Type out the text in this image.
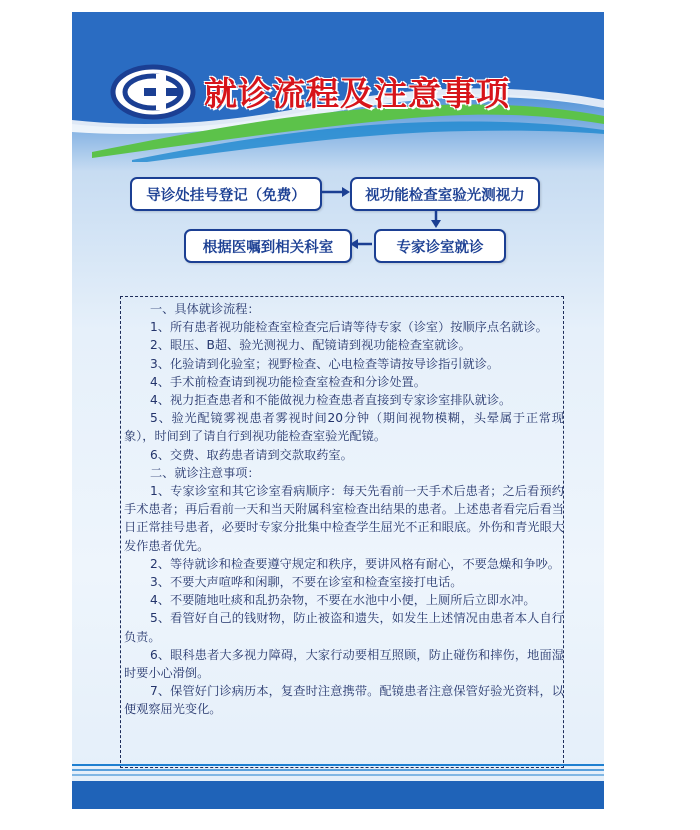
就诊流程及注意事项
导诊处挂号登记（免费）	视功能检查室验光测视力
专家诊室就诊
根据医嘱到相关科室

一、具体就诊流程：

1、所有患者视功能检查室检查完后请等待专家（诊室）按顺序点名就诊。

2、眼压、B超、验光测视力、配镜请到视功能检查室就诊。

3、化验请到化验室；视野检查、心电检查等请按导诊指引就诊。

4、手术前检查请到视功能检查室检查和分诊处置。

4、视力拒查患者和不能做视力检查患者直接到专家诊室排队就诊。

5、验光配镜雾视患者雾视时间20分钟（期间视物模糊，头晕属于正常现象），时间到了请自行到视功能检查室验光配镜。

6、交费、取药患者请到交款取药室。

二、就诊注意事项：

1、专家诊室和其它诊室看病顺序：每天先看前一天手术后患者；之后看预约手术患者；再后看前一天和当天附属科室检查出结果的患者。上述患者看完后看当日正常挂号患者，必要时专家分批集中检查学生屈光不正和眼底。外伤和青光眼大发作患者优先。

2、等待就诊和检查要遵守规定和秩序，要讲风格有耐心，不要急燥和争吵。

3、不要大声喧哗和闲聊，不要在诊室和检查室接打电话。

4、不要随地吐痰和乱扔杂物，不要在水池中小便，上厕所后立即水冲。

5、看管好自己的钱财物，防止被盗和遗失，如发生上述情况由患者本人自行负责。

6、眼科患者大多视力障碍，大家行动要相互照顾，防止碰伤和摔伤，地面湿时要小心滑倒。

7、保管好门诊病历本，复查时注意携带。配镜患者注意保管好验光资料，以便观察屈光变化。
